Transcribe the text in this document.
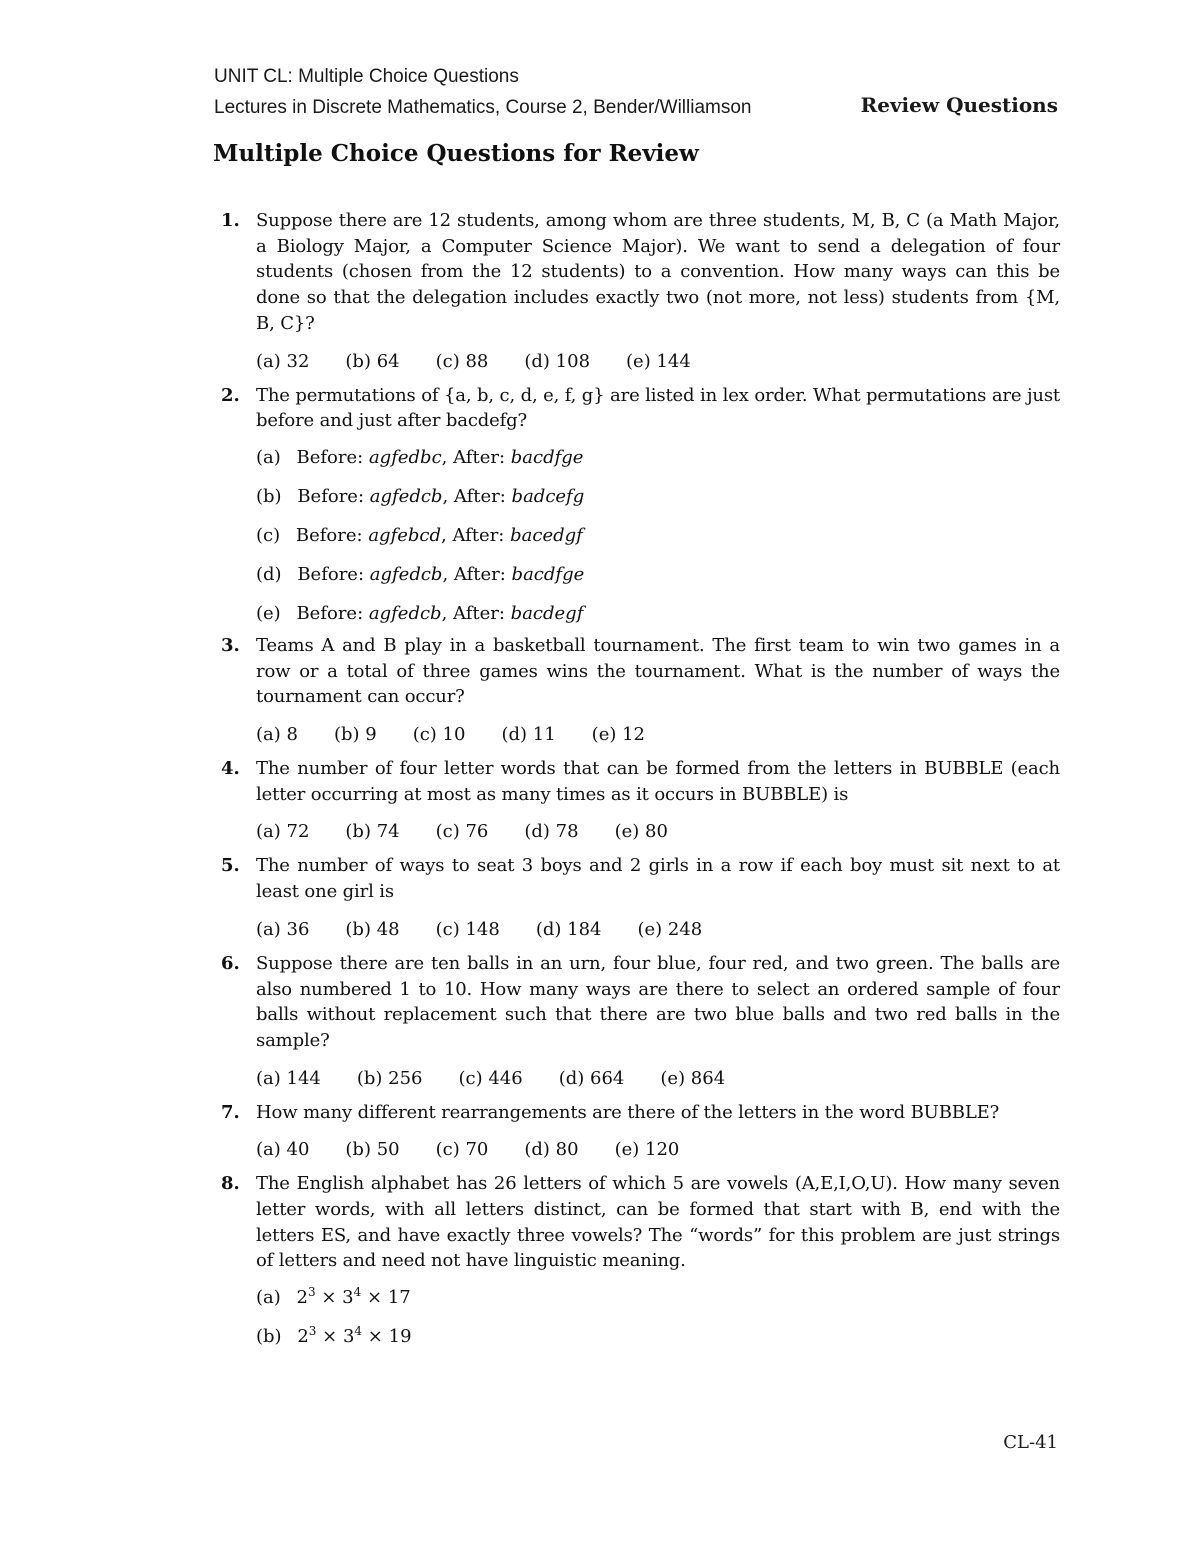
UNIT CL: Multiple Choice Questions
Lectures in Discrete Mathematics, Course 2, Bender/Williamson	Review Questions
Multiple Choice Questions for Review
1. Suppose there are 12 students, among whom are three students, M, B, C (a Math Major, a Biology Major, a Computer Science Major). We want to send a delegation of four students (chosen from the 12 students) to a convention. How many ways can this be done so that the delegation includes exactly two (not more, not less) students from {M, B, C}?
(a) 32 (b) 64 (c) 88 (d) 108 (e) 144
2. The permutations of {a, b, c, d, e, f, g} are listed in lex order. What permutations are just before and just after bacdefg?
(a) Before: agfedbc, After: bacdfge
(b) Before: agfedcb, After: badcefg
(c) Before: agfebcd, After: bacedgf
(d) Before: agfedcb, After: bacdfge
(e) Before: agfedcb, After: bacdegf
3. Teams A and B play in a basketball tournament. The first team to win two games in a row or a total of three games wins the tournament. What is the number of ways the tournament can occur?
(a) 8 (b) 9 (c) 10 (d) 11 (e) 12
4. The number of four letter words that can be formed from the letters in BUBBLE (each letter occurring at most as many times as it occurs in BUBBLE) is
(a) 72 (b) 74 (c) 76 (d) 78 (e) 80
5. The number of ways to seat 3 boys and 2 girls in a row if each boy must sit next to at least one girl is
(a) 36 (b) 48 (c) 148 (d) 184 (e) 248
6. Suppose there are ten balls in an urn, four blue, four red, and two green. The balls are also numbered 1 to 10. How many ways are there to select an ordered sample of four balls without replacement such that there are two blue balls and two red balls in the sample?
(a) 144 (b) 256 (c) 446 (d) 664 (e) 864
7. How many different rearrangements are there of the letters in the word BUBBLE?
(a) 40 (b) 50 (c) 70 (d) 80 (e) 120
8. The English alphabet has 26 letters of which 5 are vowels (A,E,I,O,U). How many seven letter words, with all letters distinct, can be formed that start with B, end with the letters ES, and have exactly three vowels? The “words” for this problem are just strings of letters and need not have linguistic meaning.
(a) $2^3 \times 3^4 \times 17$
(b) $2^3 \times 3^4 \times 19$
CL-41
